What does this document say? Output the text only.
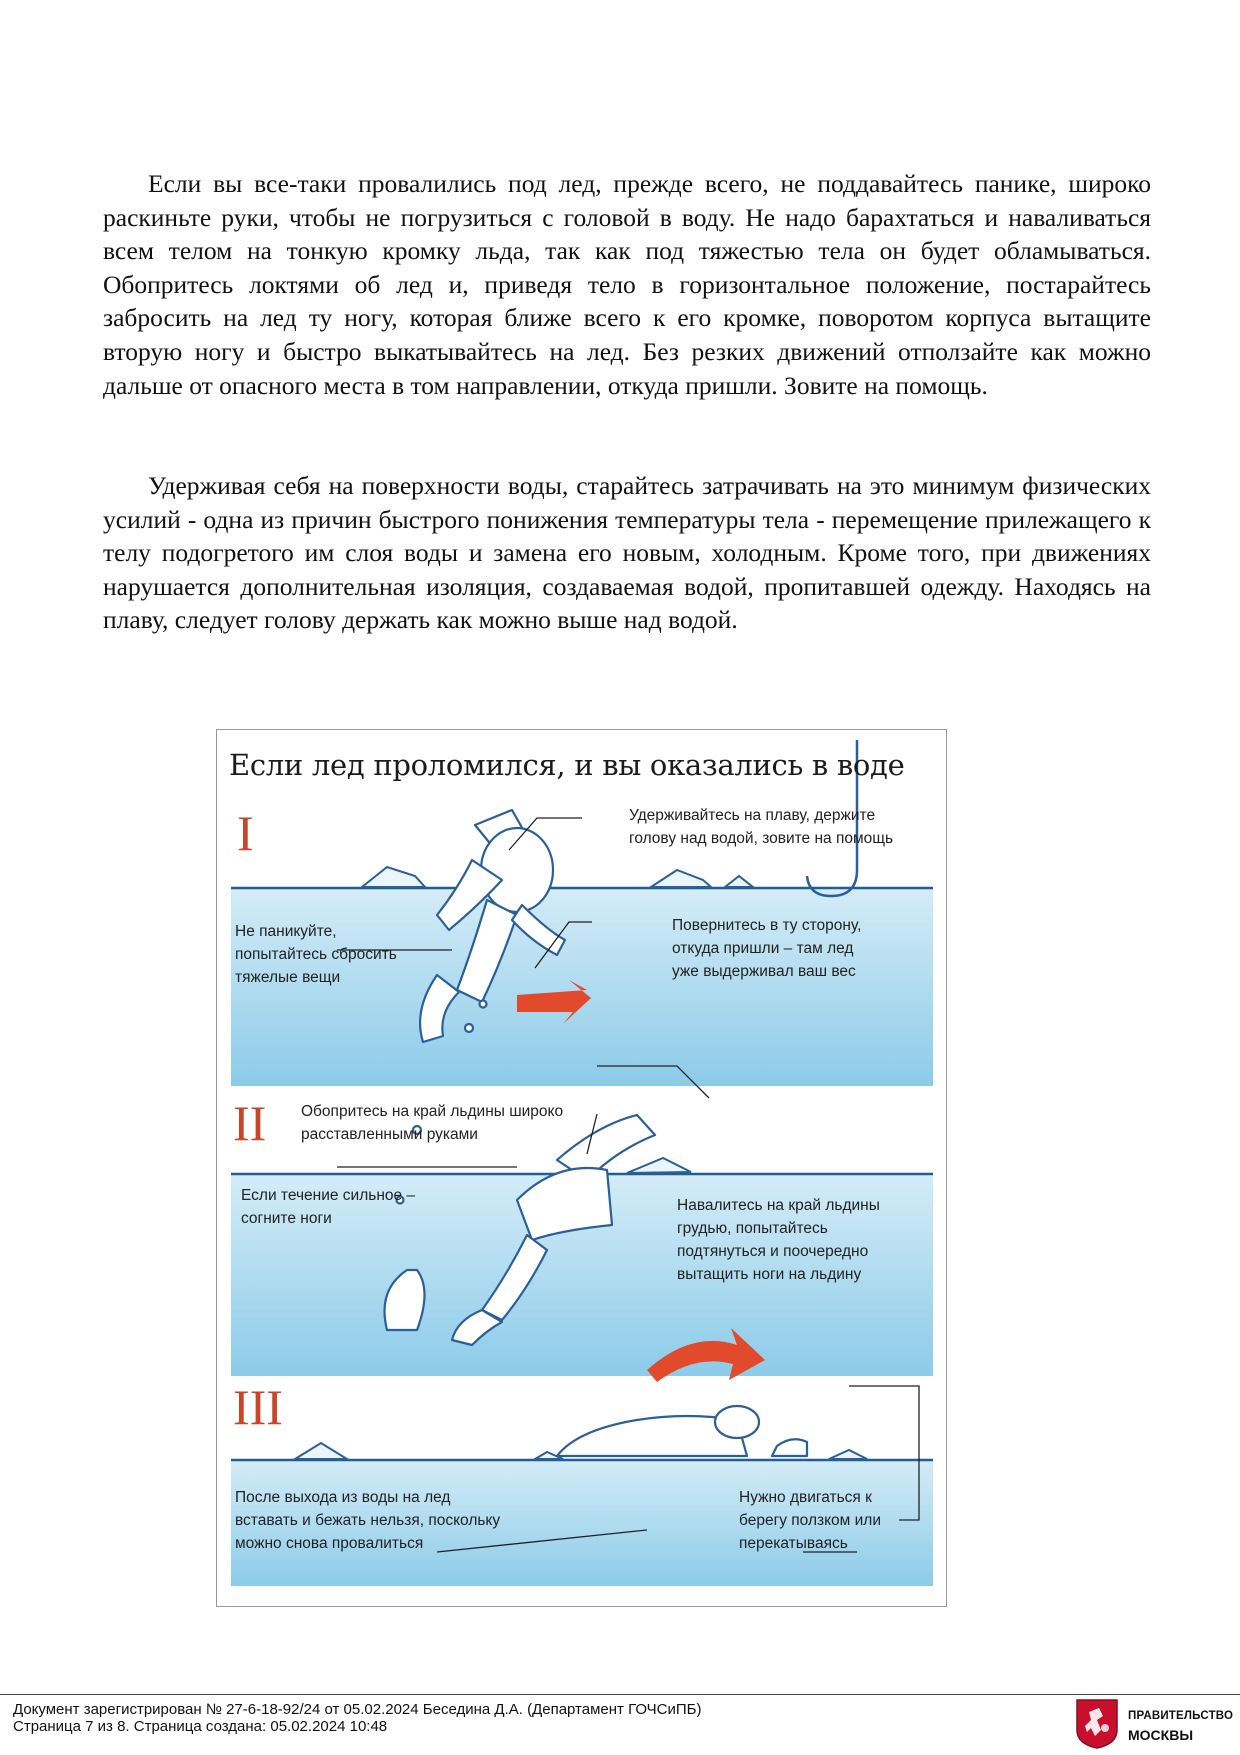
Если вы все-таки провалились под лед, прежде всего, не поддавайтесь панике, широко раскиньте руки, чтобы не погрузиться с головой в воду. Не надо барахтаться и наваливаться всем телом на тонкую кромку льда, так как под тяжестью тела он будет обламываться. Обопритесь локтями об лед и, приведя тело в горизонтальное положение, постарайтесь забросить на лед ту ногу, которая ближе всего к его кромке, поворотом корпуса вытащите вторую ногу и быстро выкатывайтесь на лед. Без резких движений отползайте как можно дальше от опасного места в том направлении, откуда пришли. Зовите на помощь.

Удерживая себя на поверхности воды, старайтесь затрачивать на это минимум физических усилий - одна из причин быстрого понижения температуры тела - перемещение прилежащего к телу подогретого им слоя воды и замена его новым, холодным. Кроме того, при движениях нарушается дополнительная изоляция, создаваемая водой, пропитавшей одежду. Находясь на плаву, следует голову держать как можно выше над водой.

Если лед проломился, и вы оказались в воде
I
II
III
Удерживайтесь на плаву, держите
голову над водой, зовите на помощь
Не паникуйте,
попытайтесь сбросить
тяжелые вещи
Повернитесь в ту сторону,
откуда пришли – там лед
уже выдерживал ваш вес
Обопритесь на край льдины широко
расставленными руками
Если течение сильное –
согните ноги
Навалитесь на край льдины
грудью, попытайтесь
подтянуться и поочередно
вытащить ноги на льдину
После выхода из воды на лед
вставать и бежать нельзя, поскольку
можно снова провалиться
Нужно двигаться к
берегу ползком или
перекатываясь
Документ зарегистрирован № 27-6-18-92/24 от 05.02.2024 Беседина Д.А. (Департамент ГОЧСиПБ)
Страница 7 из 8. Страница создана: 05.02.2024 10:48
ПРАВИТЕЛЬСТВО
МОСКВЫ
